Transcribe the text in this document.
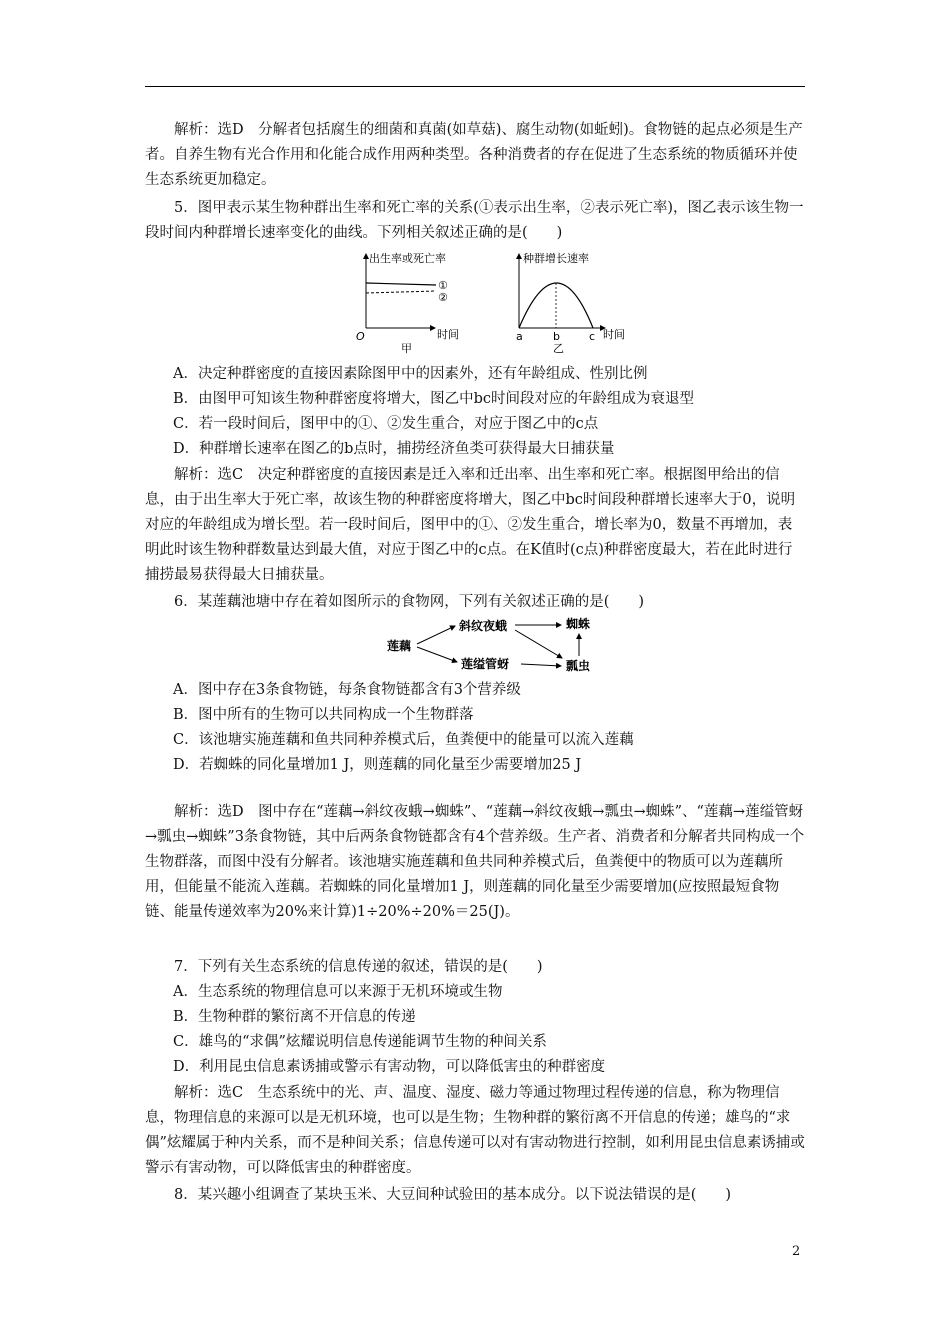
解析：选D　分解者包括腐生的细菌和真菌(如草菇)、腐生动物(如蚯蚓)。食物链的起点必须是生产者。自养生物有光合作用和化能合成作用两种类型。各种消费者的存在促进了生态系统的物质循环并使生态系统更加稳定。

5．图甲表示某生物种群出生率和死亡率的关系(①表示出生率，②表示死亡率)，图乙表示该生物一段时间内种群增长速率变化的曲线。下列相关叙述正确的是(　　)

出生率或死亡率
①
②
O	时间
甲
种群增长速率
a	b	c 时间
乙
A．决定种群密度的直接因素除图甲中的因素外，还有年龄组成、性别比例
B．由图甲可知该生物种群密度将增大，图乙中bc时间段对应的年龄组成为衰退型
C．若一段时间后，图甲中的①、②发生重合，对应于图乙中的c点
D．种群增长速率在图乙的b点时，捕捞经济鱼类可获得最大日捕获量

解析：选C　决定种群密度的直接因素是迁入率和迁出率、出生率和死亡率。根据图甲给出的信息，由于出生率大于死亡率，故该生物的种群密度将增大，图乙中bc时间段种群增长速率大于0，说明对应的年龄组成为增长型。若一段时间后，图甲中的①、②发生重合，增长率为0，数量不再增加，表明此时该生物种群数量达到最大值，对应于图乙中的c点。在K值时(c点)种群密度最大，若在此时进行捕捞最易获得最大日捕获量。

6．某莲藕池塘中存在着如图所示的食物网，下列有关叙述正确的是(　　)

莲藕
斜纹夜蛾
莲缢管蚜
蜘蛛
瓢虫
A．图中存在3条食物链，每条食物链都含有3个营养级
B．图中所有的生物可以共同构成一个生物群落
C．该池塘实施莲藕和鱼共同种养模式后，鱼粪便中的能量可以流入莲藕
D．若蜘蛛的同化量增加1 J，则莲藕的同化量至少需要增加25 J

解析：选D　图中存在“莲藕→斜纹夜蛾→蜘蛛”、“莲藕→斜纹夜蛾→瓢虫→蜘蛛”、“莲藕→莲缢管蚜→瓢虫→蜘蛛”3条食物链，其中后两条食物链都含有4个营养级。生产者、消费者和分解者共同构成一个生物群落，而图中没有分解者。该池塘实施莲藕和鱼共同种养模式后，鱼粪便中的物质可以为莲藕所用，但能量不能流入莲藕。若蜘蛛的同化量增加1 J，则莲藕的同化量至少需要增加(应按照最短食物链、能量传递效率为20%来计算)1÷20%÷20%＝25(J)。

7．下列有关生态系统的信息传递的叙述，错误的是(　　)

A．生态系统的物理信息可以来源于无机环境或生物
B．生物种群的繁衍离不开信息的传递
C．雄鸟的“求偶”炫耀说明信息传递能调节生物的种间关系
D．利用昆虫信息素诱捕或警示有害动物，可以降低害虫的种群密度

解析：选C　生态系统中的光、声、温度、湿度、磁力等通过物理过程传递的信息，称为物理信息，物理信息的来源可以是无机环境，也可以是生物；生物种群的繁衍离不开信息的传递；雄鸟的“求偶”炫耀属于种内关系，而不是种间关系；信息传递可以对有害动物进行控制，如利用昆虫信息素诱捕或警示有害动物，可以降低害虫的种群密度。

8．某兴趣小组调查了某块玉米、大豆间种试验田的基本成分。以下说法错误的是(　　)

2
